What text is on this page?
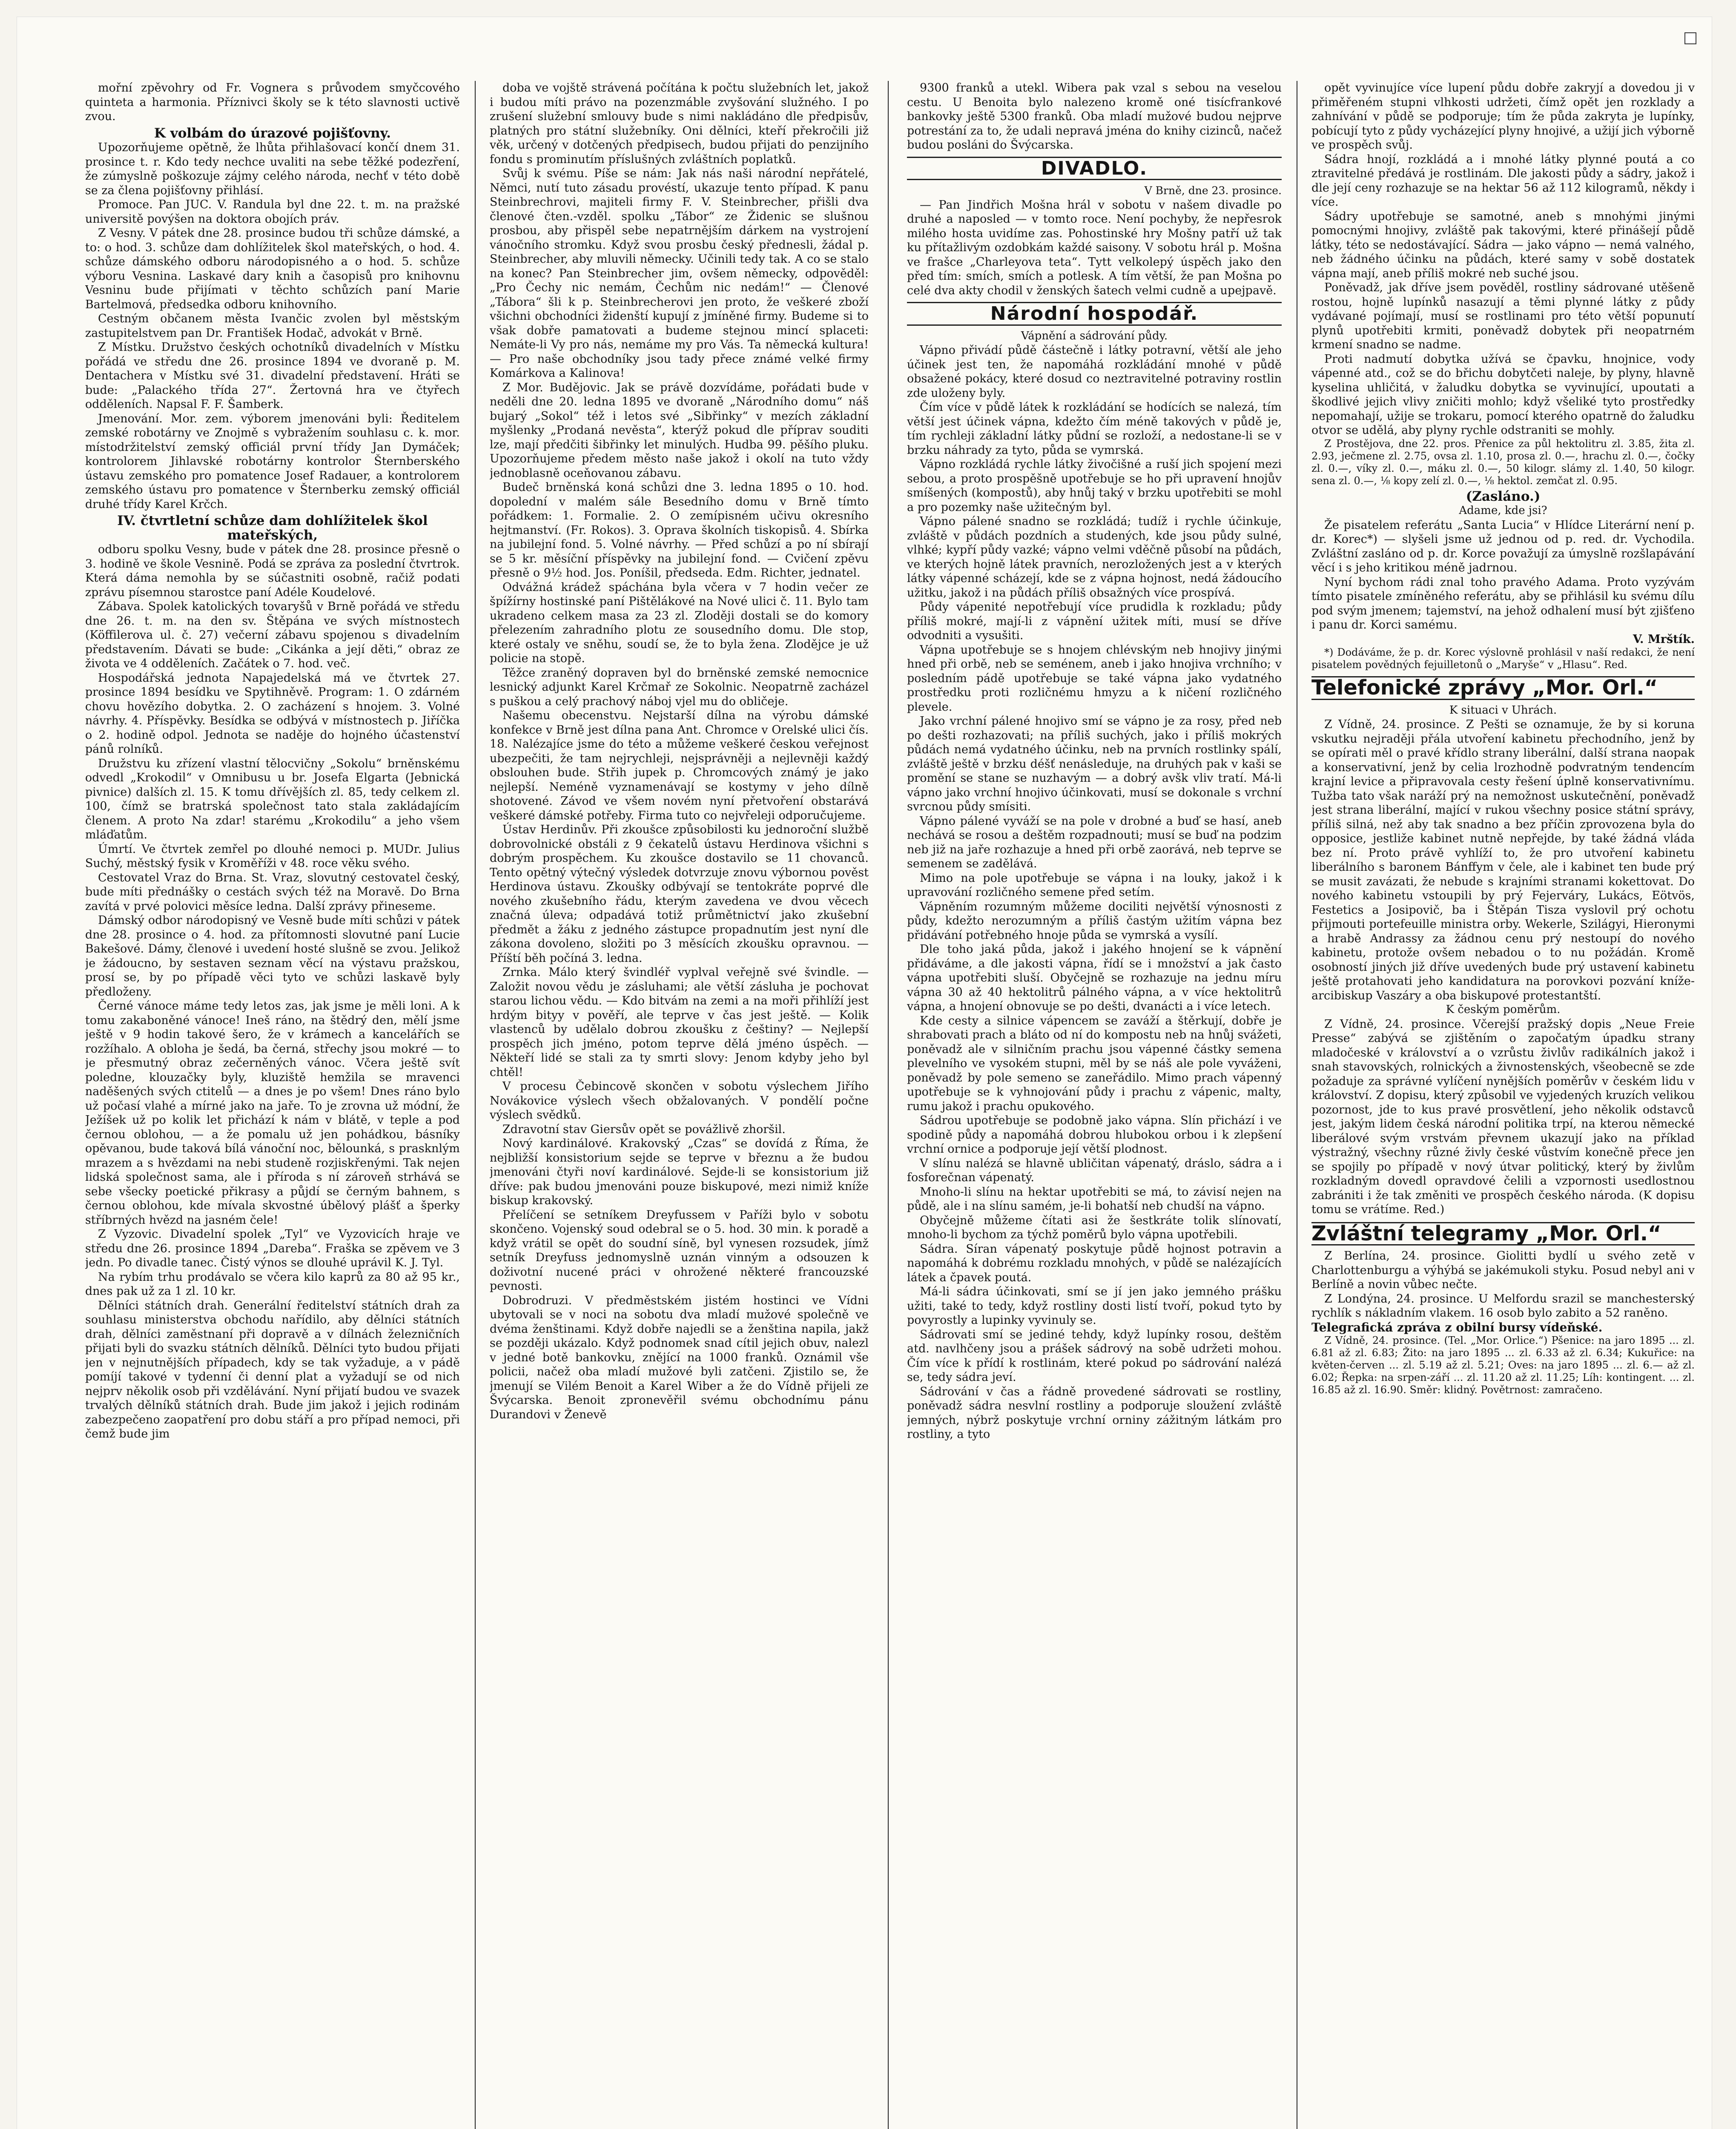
mořní zpěvohry od Fr. Vognera s průvodem smyčcového quinteta a harmonia. Příznivci školy se k této slavnosti uctivě zvou.

K volbám do úrazové pojišťovny.

Upozorňujeme opětně, že lhůta přihlašovací končí dnem 31. prosince t. r. Kdo tedy nechce uvaliti na sebe těžké podezření, že zúmyslně poškozuje zájmy celého národa, nechť v této době se za člena pojišťovny přihlásí.

Promoce. Pan JUC. V. Randula byl dne 22. t. m. na pražské universitě povýšen na doktora obojích práv.

Z Vesny. V pátek dne 28. prosince budou tři schůze dámské, a to: o hod. 3. schůze dam dohlížitelek škol mateřských, o hod. 4. schůze dámského odboru národopisného a o hod. 5. schůze výboru Vesnina. Laskavé dary knih a časopisů pro knihovnu Vesninu bude přijímati v těchto schůzích paní Marie Bartelmová, předsedka odboru knihovního.

Cestným občanem města Ivančic zvolen byl městským zastupitelstvem pan Dr. František Hodač, advokát v Brně.

Z Místku. Družstvo českých ochotníků divadelních v Místku pořádá ve středu dne 26. prosince 1894 ve dvoraně p. M. Dentachera v Místku své 31. divadelní představení. Hráti se bude: „Palackého třída 27“. Žertovná hra ve čtyřech odděleních. Napsal F. F. Šamberk.

Jmenování. Mor. zem. výborem jmenováni byli: Ředitelem zemské robotárny ve Znojmě s vybražením souhlasu c. k. mor. místodržitelství zemský officiál první třídy Jan Dymáček; kontrolorem Jihlavské robotárny kontrolor Šternberského ústavu zemského pro pomatence Josef Radauer, a kontrolorem zemského ústavu pro pomatence v Šternberku zemský officiál druhé třídy Karel Krčch.

IV. čtvrtletní schůze dam dohlížitelek škol mateřských,

odboru spolku Vesny, bude v pátek dne 28. prosince přesně o 3. hodině ve škole Vesnině. Podá se zpráva za poslední čtvrtrok. Která dáma nemohla by se súčastniti osobně, račiž podati zprávu písemnou starostce paní Adéle Koudelové.

Zábava. Spolek katolických tovaryšů v Brně pořádá ve středu dne 26. t. m. na den sv. Štěpána ve svých místnostech (Köffilerova ul. č. 27) večerní zábavu spojenou s divadelním představením. Dávati se bude: „Cikánka a její děti,“ obraz ze života ve 4 odděleních. Začátek o 7. hod. več.

Hospodářská jednota Napajedelská má ve čtvrtek 27. prosince 1894 besídku ve Spytihněvě. Program: 1. O zdárném chovu hovězího dobytka. 2. O zacházení s hnojem. 3. Volné návrhy. 4. Příspěvky. Besídka se odbývá v místnostech p. Jiříčka o 2. hodině odpol. Jednota se naděje do hojného účastenství pánů rolníků.

Družstvu ku zřízení vlastní tělocvičny „Sokolu“ brněnskému odvedl „Krokodil“ v Omnibusu u br. Josefa Elgarta (Jebnická pivnice) dalších zl. 15. K tomu dřívějších zl. 85, tedy celkem zl. 100, čímž se bratrská společnost tato stala zakládajícím členem. A proto Na zdar! starému „Krokodilu“ a jeho všem mláďatům.

Úmrtí. Ve čtvrtek zemřel po dlouhé nemoci p. MUDr. Julius Suchý, městský fysik v Kroměříži v 48. roce věku svého.

Cestovatel Vraz do Brna. St. Vraz, slovutný cestovatel český, bude míti přednášky o cestách svých též na Moravě. Do Brna zavítá v prvé polovici měsíce ledna. Další zprávy přineseme.

Dámský odbor národopisný ve Vesně bude míti schůzi v pátek dne 28. prosince o 4. hod. za přítomnosti slovutné paní Lucie Bakešové. Dámy, členové i uvedení hosté slušně se zvou. Jelikož je žádoucno, by sestaven seznam věcí na výstavu pražskou, prosí se, by po případě věci tyto ve schůzi laskavě byly předloženy.

Černé vánoce máme tedy letos zas, jak jsme je měli loni. A k tomu zakaboněné vánoce! Ineš ráno, na štědrý den, mělí jsme ještě v 9 hodin takové šero, že v krámech a kancelářích se rozžíhalo. A obloha je šedá, ba černá, střechy jsou mokré — to je přesmutný obraz zečerněných vánoc. Včera ještě svít poledne, klouzačky byly, kluziště hemžila se mravenci naděšených svých ctitelů — a dnes je po všem! Dnes ráno bylo už počasí vlahé a mírné jako na jaře. To je zrovna už módní, že Ježíšek už po kolik let přichází k nám v blátě, v teple a pod černou oblohou, — a že pomalu už jen pohádkou, básníky opěvanou, bude taková bílá vánoční noc, bělounká, s prasknlým mrazem a s hvězdami na nebi studeně rozjiskřenými. Tak nejen lidská společnost sama, ale i příroda s ní zároveň strhává se sebe všecky poetické přikrasy a půjdí se černým bahnem, s černou oblohou, kde mívala skvostné úbělový plášť a šperky stříbrných hvězd na jasném čele!

Z Vyzovic. Divadelní spolek „Tyl“ ve Vyzovicích hraje ve středu dne 26. prosince 1894 „Dareba“. Fraška se zpěvem ve 3 jedn. Po divadle tanec. Čistý výnos se dlouhé uprávil K. J. Tyl.

Na rybím trhu prodávalo se včera kilo kaprů za 80 až 95 kr., dnes pak už za 1 zl. 10 kr.

Dělníci státních drah. Generální ředitelství státních drah za souhlasu ministerstva obchodu nařídilo, aby dělníci státních drah, dělníci zaměstnaní při dopravě a v dílnách železničních přijati byli do svazku státních dělníků. Dělníci tyto budou přijati jen v nejnutnějších případech, kdy se tak vyžaduje, a v pádě pomíjí takové v tydenní či denní plat a vyžadují se od nich nejprv několik osob při vzdělávání. Nyní přijatí budou ve svazek trvalých dělníků státních drah. Bude jim jakož i jejich rodinám zabezpečeno zaopatření pro dobu stáří a pro případ nemoci, při čemž bude jim

doba ve vojště strávená počítána k počtu služebních let, jakož i budou míti právo na pozenzmáble zvyšování služného. I po zrušení služební smlouvy bude s nimi nakládáno dle předpisův, platných pro státní služebníky. Oni dělníci, kteří překročili již věk, určený v dotčených předpisech, budou přijati do penzijního fondu s prominutím příslušných zvláštních poplatků.

Svůj k svému. Píše se nám: Jak nás naši národní nepřátelé, Němci, nutí tuto zásadu provéstí, ukazuje tento případ. K panu Steinbrechrovi, majiteli firmy F. V. Steinbrecher, přišli dva členové čten.-vzděl. spolku „Tábor“ ze Židenic se slušnou prosbou, aby přispěl sebe nepatrnějším dárkem na vystrojení vánočního stromku. Když svou prosbu český přednesli, žádal p. Steinbrecher, aby mluvili německy. Učinili tedy tak. A co se stalo na konec? Pan Steinbrecher jim, ovšem německy, odpověděl: „Pro Čechy nic nemám, Čechům nic nedám!“ — Členové „Tábora“ šli k p. Steinbrecherovi jen proto, že veškeré zboží všichni obchodníci židenští kupují z jmíněné firmy. Budeme si to však dobře pamatovati a budeme stejnou mincí splaceti: Nemáte-li Vy pro nás, nemáme my pro Vás. Ta německá kultura! — Pro naše obchodníky jsou tady přece známé velké firmy Komárkova a Kalinova!

Z Mor. Budějovic. Jak se právě dozvídáme, pořádati bude v neděli dne 20. ledna 1895 ve dvoraně „Národního domu“ náš bujarý „Sokol“ též i letos své „Sibřinky“ v mezích základní myšlenky „Prodaná nevěsta“, kterýž pokud dle příprav souditi lze, mají předčiti šibřinky let minulých. Hudba 99. pěšího pluku. Upozorňujeme předem město naše jakož i okolí na tuto vždy jednoblasně oceňovanou zábavu.

Budeč brněnská koná schůzi dne 3. ledna 1895 o 10. hod. dopolední v malém sále Besedního domu v Brně tímto pořádkem: 1. Formalie. 2. O zemípisném učivu okresního hejtmanství. (Fr. Rokos). 3. Oprava školních tiskopisů. 4. Sbírka na jubilejní fond. 5. Volné návrhy. — Před schůzí a po ní sbírají se 5 kr. měsíční příspěvky na jubilejní fond. — Cvičení zpěvu přesně o 9½ hod. Jos. Poníšil, předseda. Edm. Richter, jednatel.

Odvážná krádež spáchána byla včera v 7 hodin večer ze špížírny hostinské paní Pištělákové na Nové ulici č. 11. Bylo tam ukradeno celkem masa za 23 zl. Zloději dostali se do komory přelezením zahradního plotu ze sousedního domu. Dle stop, které ostaly ve sněhu, soudí se, že to byla žena. Zlodějce je už policie na stopě.

Těžce zraněný dopraven byl do brněnské zemské nemocnice lesnický adjunkt Karel Krčmař ze Sokolnic. Neopatrně zacházel s puškou a celý prachový náboj vjel mu do obličeje.

Našemu obecenstvu. Nejstarší dílna na výrobu dámské konfekce v Brně jest dílna pana Ant. Chromce v Orelské ulici čís. 18. Nalézajíce jsme do této a můžeme veškeré českou veřejnost ubezpečiti, že tam nejrychleji, nejsprávněji a nejlevněji každý obslouhen bude. Střih jupek p. Chromcových známý je jako nejlepší. Neméně vyznamenávají se kostymy v jeho dílně shotovené. Závod ve všem novém nyní přetvoření obstarává veškeré dámské potřeby. Firma tuto co nejvřeleji odporučujeme.

Ústav Herdinův. Při zkoušce způsobilosti ku jednoroční službě dobrovolnické obstáli z 9 čekatelů ústavu Herdinova všichni s dobrým prospěchem. Ku zkoušce dostavilo se 11 chovanců. Tento opětný výtečný výsledek dotvrzuje znovu výbornou pověst Herdinova ústavu. Zkoušky odbývají se tentokráte poprvé dle nového zkušebního řádu, kterým zavedena ve dvou věcech značná úleva; odpadává totiž průmětnictví jako zkušební předmět a žáku z jedného zástupce propadnutím jest nyní dle zákona dovoleno, složiti po 3 měsících zkoušku opravnou. — Příští běh počíná 3. ledna.

Zrnka. Málo který švindléř vyplval veřejně své švindle. — Založit novou vědu je zásluhami; ale větší zásluha je pochovat starou lichou vědu. — Kdo bitvám na zemi a na moři přihlíží jest hrdým bityy v pověří, ale teprve v čas jest ještě. — Kolik vlastenců by udělalo dobrou zkoušku z češtiny? — Nejlepší prospěch jich jméno, potom teprve dělá jméno úspěch. — Někteří lidé se stali za ty smrti slovy: Jenom kdyby jeho byl chtěl!

V procesu Čebincově skončen v sobotu výslechem Jiřího Novákovice výslech všech obžalovaných. V pondělí počne výslech svědků.

Zdravotní stav Giersův opět se povážlivě zhoršil.

Nový kardinálové. Krakovský „Czas“ se dovídá z Říma, že nejbližší konsistorium sejde se teprve v březnu a že budou jmenováni čtyři noví kardinálové. Sejde-li se konsistorium již dříve: pak budou jmenováni pouze biskupové, mezi nimiž kníže biskup krakovský.

Přelíčení se setníkem Dreyfussem v Paříži bylo v sobotu skončeno. Vojenský soud odebral se o 5. hod. 30 min. k poradě a když vrátil se opět do soudní síně, byl vynesen rozsudek, jímž setník Dreyfuss jednomyslně uznán vinným a odsouzen k doživotní nucené práci v ohrožené některé francouzské pevnosti.

Dobrodruzi. V předměstském jistém hostinci ve Vídni ubytovali se v noci na sobotu dva mladí mužové společně ve dvéma ženštinami. Když dobře najedli se a ženština napila, jakž se později ukázalo. Když podnomek snad cítil jejich obuv, nalezl v jedné botě bankovku, znějící na 1000 franků. Oznámil vše policii, načež oba mladí mužové byli zatčeni. Zjistilo se, že jmenují se Vilém Benoit a Karel Wiber a že do Vídně přijeli ze Švýcarska. Benoit zpronevěřil svému obchodnímu pánu Durandovi v Ženevě

9300 franků a utekl. Wibera pak vzal s sebou na veselou cestu. U Benoita bylo nalezeno kromě oné tisícfrankové bankovky ještě 5300 franků. Oba mladí mužové budou nejprve potrestání za to, že udali nepravá jména do knihy cizinců, načež budou posláni do Švýcarska.

DIVADLO.

V Brně, dne 23. prosince.

— Pan Jindřich Mošna hrál v sobotu v našem divadle po druhé a naposled — v tomto roce. Není pochyby, že nepřesrok milého hosta uvidíme zas. Pohostinské hry Mošny patří už tak ku přítažlivým ozdobkám každé saisony. V sobotu hrál p. Mošna ve frašce „Charleyova teta“. Tytt velkolepý úspěch jako den před tím: smích, smích a potlesk. A tím větší, že pan Mošna po celé dva akty chodil v ženských šatech velmi cudně a upejpavě.

Národní hospodář.

Vápnění a sádrování půdy.

Vápno přivádí půdě částečně i látky potravní, větší ale jeho účinek jest ten, že napomáhá rozkládání mnohé v půdě obsažené pokácy, které dosud co neztravitelné potraviny rostlin zde uloženy byly.

Čím více v půdě látek k rozkládání se hodících se nalezá, tím větší jest účinek vápna, kdežto čím méně takových v půdě je, tím rychleji základní látky půdní se rozloží, a nedostane-li se v brzku náhrady za tyto, půda se vymrská.

Vápno rozkládá rychle látky živočišné a ruší jich spojení mezi sebou, a proto prospěšně upotřebuje se ho při upravení hnojův smíšených (kompostů), aby hnůj taký v brzku upotřebiti se mohl a pro pozemky naše užitečným byl.

Vápno pálené snadno se rozkládá; tudíž i rychle účinkuje, zvláště v půdách pozdních a studených, kde jsou půdy sulné, vlhké; kypří půdy vazké; vápno velmi vděčně působí na půdách, ve kterých hojně látek pravních, nerozložených jest a v kterých látky vápenné scházejí, kde se z vápna hojnost, nedá žádoucího užitku, jakož i na půdách příliš obsažných více prospívá.

Půdy vápenité nepotřebují více prudidla k rozkladu; půdy příliš mokré, mají-li z vápnění užitek míti, musí se dříve odvodniti a vysušiti.

Vápna upotřebuje se s hnojem chlévským neb hnojivy jinými hned při orbě, neb se seménem, aneb i jako hnojiva vrchního; v posledním pádě upotřebuje se také vápna jako vydatného prostředku proti rozličnému hmyzu a k ničení rozličného plevele.

Jako vrchní pálené hnojivo smí se vápno je za rosy, před neb po dešti rozhazovati; na příliš suchých, jako i příliš mokrých půdách nemá vydatného účinku, neb na prvních rostlinky spálí, zvláště ještě v brzku déšť nenásleduje, na druhých pak v kaši se promění se stane se nuzhavým — a dobrý avšk vliv tratí. Má-li vápno jako vrchní hnojivo účinkovati, musí se dokonale s vrchní svrcnou půdy smísiti.

Vápno pálené vyváží se na pole v drobné a buď se hasí, aneb nechává se rosou a deštěm rozpadnouti; musí se buď na podzim neb již na jaře rozhazuje a hned při orbě zaorává, neb teprve se semenem se zadělává.

Mimo na pole upotřebuje se vápna i na louky, jakož i k upravování rozličného semene před setím.

Vápněním rozumným můžeme dociliti největší výnosnosti z půdy, kdežto nerozumným a příliš častým užitím vápna bez přidávání potřebného hnoje půda se vymrská a vysílí.

Dle toho jaká půda, jakož i jakého hnojení se k vápnění přidáváme, a dle jakosti vápna, řídí se i množství a jak často vápna upotřebiti sluší. Obyčejně se rozhazuje na jednu míru vápna 30 až 40 hektolitrů pálného vápna, a v více hektolitrů vápna, a hnojení obnovuje se po dešti, dvanácti a i více letech.

Kde cesty a silnice vápencem se zaváží a štěrkují, dobře je shrabovati prach a bláto od ní do kompostu neb na hnůj svážeti, poněvadž ale v silničním prachu jsou vápenné částky semena plevelního ve vysokém stupni, měl by se náš ale pole vyváženi, poněvadž by pole semeno se zaneřádilo. Mimo prach vápenný upotřebuje se k vyhnojování půdy i prachu z vápenic, malty, rumu jakož i prachu opukového.

Sádrou upotřebuje se podobně jako vápna. Slín přichází i ve spodině půdy a napomáhá dobrou hlubokou orbou i k zlepšení vrchní ornice a podporuje její větší plodnost.

V slínu nalézá se hlavně ubličitan vápenatý, dráslo, sádra a i fosforečnan vápenatý.

Mnoho-li slínu na hektar upotřebiti se má, to závisí nejen na půdě, ale i na slínu samém, je-li bohatší neb chudší na vápno.

Obyčejně můžeme čítati asi že šestkráte tolik slínovatí, mnoho-li bychom za týchž poměrů bylo vápna upotřebili.

Sádra. Síran vápenatý poskytuje půdě hojnost potravin a napomáhá k dobrému rozkladu mnohých, v půdě se nalézajících látek a čpavek poutá.

Má-li sádra účinkovati, smí se jí jen jako jemného prášku užiti, také to tedy, když rostliny dosti listí tvoří, pokud tyto by povyrostly a lupinky vyvinuly se.

Sádrovati smí se jediné tehdy, když lupínky rosou, deštěm atd. navlhčeny jsou a prášek sádrový na sobě udržeti mohou. Čím více k přídí k rostlinám, které pokud po sádrování nalézá se, tedy sádra jeví.

Sádrování v čas a řádně provedené sádrovati se rostliny, poněvadž sádra nesvlní rostliny a podporuje sloužení zvláště jemných, nýbrž poskytuje vrchní orniny zážitným látkám pro rostliny, a tyto

opět vyvinujíce více lupení půdu dobře zakryjí a dovedou ji v přiměřeném stupni vlhkosti udržeti, čímž opět jen rozklady a zahnívání v půdě se podporuje; tím že půda zakryta je lupínky, pobícují tyto z půdy vycházející plyny hnojivé, a užijí jich výborně ve prospěch svůj.

Sádra hnojí, rozkládá a i mnohé látky plynné poutá a co ztravitelné předává je rostlinám. Dle jakosti půdy a sádry, jakož i dle její ceny rozhazuje se na hektar 56 až 112 kilogramů, někdy i více.

Sádry upotřebuje se samotné, aneb s mnohými jinými pomocnými hnojivy, zvláště pak takovými, které přinášejí půdě látky, této se nedostávající. Sádra — jako vápno — nemá valného, neb žádného účinku na půdách, které samy v sobě dostatek vápna mají, aneb příliš mokré neb suché jsou.

Poněvadž, jak dříve jsem pověděl, rostliny sádrované utěšeně rostou, hojně lupínků nasazují a těmi plynné látky z půdy vydávané pojímají, musí se rostlinami pro této větší popunutí plynů upotřebiti krmiti, poněvadž dobytek při neopatrném krmení snadno se nadme.

Proti nadmutí dobytka užívá se čpavku, hnojnice, vody vápenné atd., což se do břichu dobytčeti naleje, by plyny, hlavně kyselina uhličitá, v žaludku dobytka se vyvinující, upoutati a škodlivé jejich vlivy zničiti mohlo; když všeliké tyto prostředky nepomahají, užije se trokaru, pomocí kterého opatrně do žaludku otvor se udělá, aby plyny rychle odstraniti se mohly.

Z Prostějova, dne 22. pros. Přenice za půl hektolitru zl. 3.85, žita zl. 2.93, ječmene zl. 2.75, ovsa zl. 1.10, prosa zl. 0.—, hrachu zl. 0.—, čočky zl. 0.—, víky zl. 0.—, máku zl. 0.—, 50 kilogr. slámy zl. 1.40, 50 kilogr. sena zl. 0.—, ⅛ kopy zelí zl. 0.—, ⅛ hektol. zemčat zl. 0.95.

(Zasláno.)

Adame, kde jsi?

Že pisatelem referátu „Santa Lucia“ v Hlídce Literární není p. dr. Korec*) — slyšeli jsme už jednou od p. red. dr. Vychodila. Zvláštní zasláno od p. dr. Korce považují za úmyslně rozšlapávání věcí i s jeho kritikou méně jadrnou.

Nyní bychom rádi znal toho pravého Adama. Proto vyzývám tímto pisatele zmíněného referátu, aby se přihlásil ku svému dílu pod svým jmenem; tajemství, na jehož odhalení musí být zjišťeno i panu dr. Korci samému.

V. Mrštík.

*) Dodáváme, že p. dr. Korec výslovně prohlásil v naší redakci, že není pisatelem povědných fejuilletonů o „Maryše“ v „Hlasu“. Red.

Telefonické zprávy „Mor. Orl.“

K situaci v Uhrách.

Z Vídně, 24. prosince. Z Pešti se oznamuje, že by si koruna vskutku nejraději přála utvoření kabinetu přechodního, jenž by se opírati měl o pravé křídlo strany liberální, další strana naopak a konservativní, jenž by celia lrozhodně podvratným tendencím krajní levice a připravovala cesty řešení úplně konservativnímu. Tužba tato však naráží prý na nemožnost uskutečnění, poněvadž jest strana liberální, mající v rukou všechny posice státní správy, příliš silná, než aby tak snadno a bez příčin zprovozena byla do opposice, jestliže kabinet nutně nepřejde, by také žádná vláda bez ní. Proto právě vyhlíží to, že pro utvoření kabinetu liberálního s baronem Bánffym v čele, ale i kabinet ten bude prý se musit zavázati, že nebude s krajními stranami kokettovat. Do nového kabinetu vstoupili by prý Fejerváry, Lukács, Eötvös, Festetics a Josipovič, ba i Štěpán Tisza vyslovil prý ochotu přijmouti portefeuille ministra orby. Wekerle, Szilágyi, Hieronymi a hrabě Andrassy za žádnou cenu prý nestoupí do nového kabinetu, protože ovšem nebadou o to nu požádán. Kromě osobností jiných již dříve uvedených bude prý ustavení kabinetu ještě protahovati jeho kandidatura na porovkovi pozvání kníže-arcibiskup Vaszáry a oba biskupové protestantští.

K českým poměrům.

Z Vídně, 24. prosince. Včerejší pražský dopis „Neue Freie Presse“ zabývá se zjištěním o započatým úpadku strany mladočeské v království a o vzrůstu živlův radikálních jakož i snah stavovských, rolnických a živnostenských, všeobecně se zde požaduje za správné vylíčení nynějších poměrův v českém lidu v království. Z dopisu, který způsobil ve vyjedených kruzích velikou pozornost, jde to kus pravé prosvětlení, jeho několik odstavců jest, jakým lidem česká národní politika trpí, na kterou německé liberálové svým vrstvám převnem ukazují jako na příklad výstražný, všechny různé živly české vůstvím konečně přece jen se spojily po případě v nový útvar politický, který by živlům rozkladným dovedl opravdové čelili a vzpornosti usedlostnou zabrániti i že tak změniti ve prospěch českého národa. (K dopisu tomu se vrátíme. Red.)

Zvláštní telegramy „Mor. Orl.“

Z Berlína, 24. prosince. Giolitti bydlí u svého zetě v Charlottenburgu a výhýbá se jakémukoli styku. Posud nebyl ani v Berlíně a novin vůbec nečte.

Z Londýna, 24. prosince. U Melfordu srazil se manchesterský rychlík s nákladním vlakem. 16 osob bylo zabito a 52 raněno.

Telegrafická zpráva z obilní bursy vídeňské.

Z Vídně, 24. prosince. (Tel. „Mor. Orlice.“) Pšenice: na jaro 1895 ... zl. 6.81 až zl. 6.83; Žito: na jaro 1895 ... zl. 6.33 až zl. 6.34; Kukuřice: na květen-červen ... zl. 5.19 až zl. 5.21; Oves: na jaro 1895 ... zl. 6.— až zl. 6.02; Řepka: na srpen-září ... zl. 11.20 až zl. 11.25; Líh: kontingent. ... zl. 16.85 až zl. 16.90. Směr: klidný. Povětrnost: zamračeno.
